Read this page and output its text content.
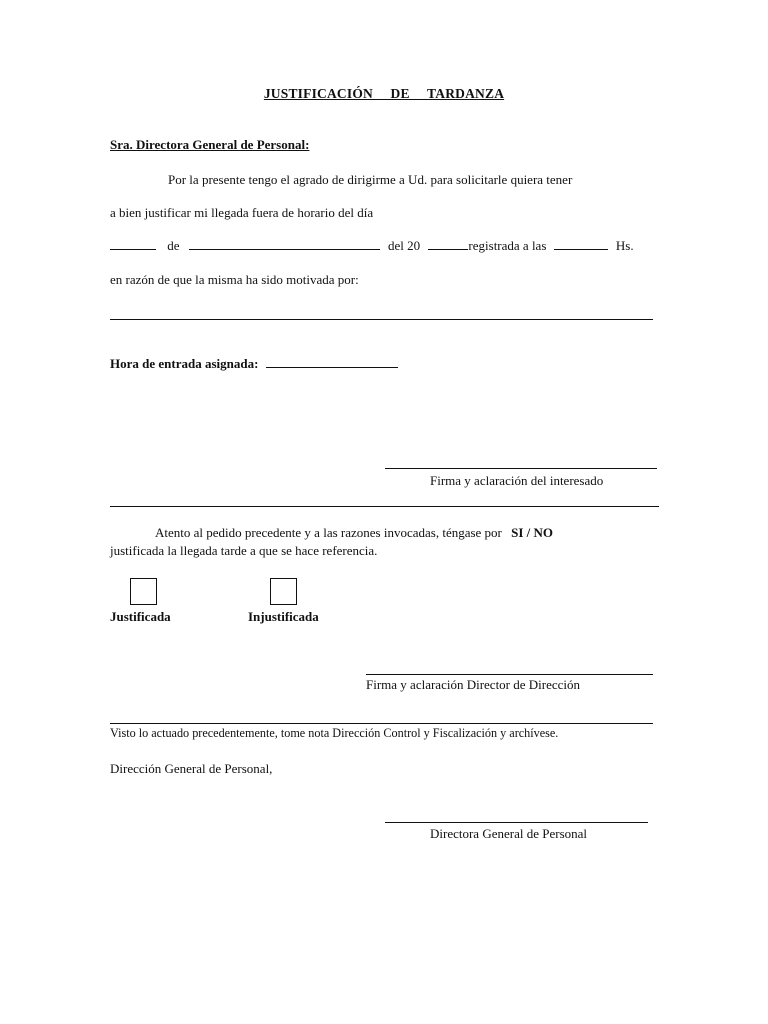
JUSTIFICACIÓN DE TARDANZA
Sra. Directora General de Personal:
Por la presente tengo el agrado de dirigirme a Ud. para solicitarle quiera tener
a bien justificar mi llegada fuera de horario del día
de	del 20	registrada a las	Hs.
en razón de que la misma ha sido motivada por:
Hora de entrada asignada:
Firma y aclaración del interesado
Atento al pedido precedente y a las razones invocadas, téngase por SI / NO
justificada la llegada tarde a que se hace referencia.
Justificada	Injustificada
Firma y aclaración Director de Dirección
Visto lo actuado precedentemente, tome nota Dirección Control y Fiscalización y archívese.
Dirección General de Personal,
Directora General de Personal
